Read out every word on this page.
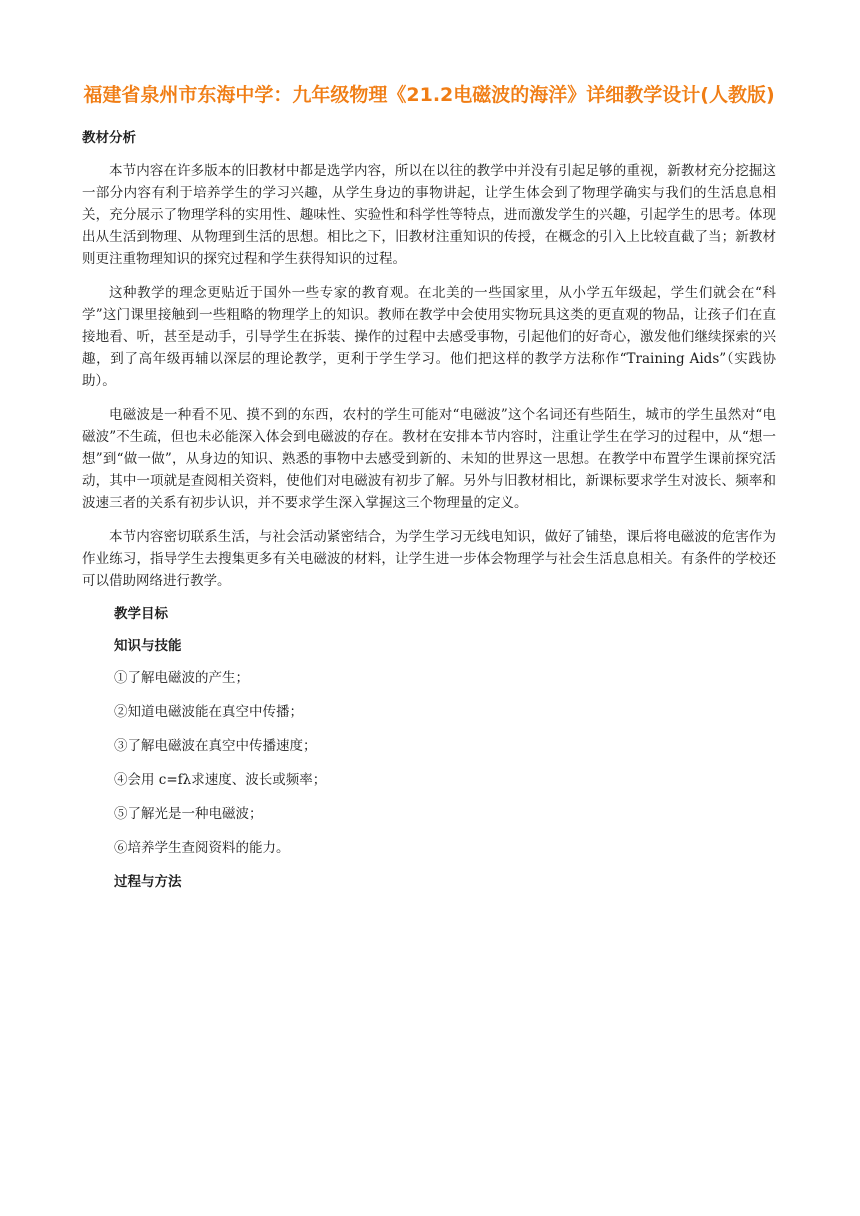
福建省泉州市东海中学：九年级物理《21.2电磁波的海洋》详细教学设计(人教版)
教材分析

本节内容在许多版本的旧教材中都是选学内容，所以在以往的教学中并没有引起足够的重视，新教材充分挖掘这一部分内容有利于培养学生的学习兴趣，从学生身边的事物讲起，让学生体会到了物理学确实与我们的生活息息相关，充分展示了物理学科的实用性、趣味性、实验性和科学性等特点，进而激发学生的兴趣，引起学生的思考。体现出从生活到物理、从物理到生活的思想。相比之下，旧教材注重知识的传授，在概念的引入上比较直截了当；新教材则更注重物理知识的探究过程和学生获得知识的过程。

这种教学的理念更贴近于国外一些专家的教育观。在北美的一些国家里，从小学五年级起，学生们就会在“科学”这门课里接触到一些粗略的物理学上的知识。教师在教学中会使用实物玩具这类的更直观的物品，让孩子们在直接地看、听，甚至是动手，引导学生在拆装、操作的过程中去感受事物，引起他们的好奇心，激发他们继续探索的兴趣，到了高年级再辅以深层的理论教学，更利于学生学习。他们把这样的教学方法称作“Training Aids”（实践协助）。

电磁波是一种看不见、摸不到的东西，农村的学生可能对“电磁波”这个名词还有些陌生，城市的学生虽然对“电磁波”不生疏，但也未必能深入体会到电磁波的存在。教材在安排本节内容时，注重让学生在学习的过程中，从“想一想”到“做一做”，从身边的知识、熟悉的事物中去感受到新的、未知的世界这一思想。在教学中布置学生课前探究活动，其中一项就是查阅相关资料，使他们对电磁波有初步了解。另外与旧教材相比，新课标要求学生对波长、频率和波速三者的关系有初步认识，并不要求学生深入掌握这三个物理量的定义。

本节内容密切联系生活，与社会活动紧密结合，为学生学习无线电知识，做好了铺垫，课后将电磁波的危害作为作业练习，指导学生去搜集更多有关电磁波的材料，让学生进一步体会物理学与社会生活息息相关。有条件的学校还可以借助网络进行教学。

教学目标
知识与技能
①了解电磁波的产生；
②知道电磁波能在真空中传播；
③了解电磁波在真空中传播速度；
④会用 c=fλ求速度、波长或频率；
⑤了解光是一种电磁波；
⑥培养学生查阅资料的能力。
过程与方法
